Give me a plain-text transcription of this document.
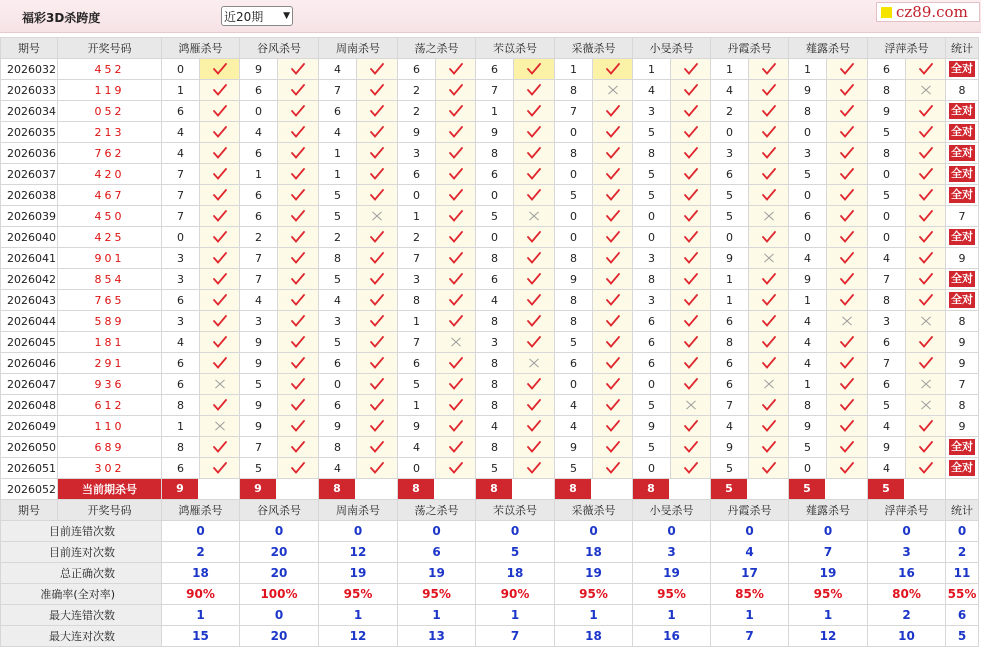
福彩3D杀跨度	近20期 ▼	cz89.com
期号	开奖号码	鸿雁杀号		谷风杀号		周南杀号		荡之杀号		芣苡杀号		采薇杀号		小旻杀号		丹霞杀号		薤露杀号		浮萍杀号		统计
2026032	452	0		9		4		6		6		1		1		1		1		6		全对
2026033	119	1		6		7		2		7		8		4		4		9		8		8
2026034	052	6		0		6		2		1		7		3		2		8		9		全对
2026035	213	4		4		4		9		9		0		5		0		0		5		全对
2026036	762	4		6		1		3		8		8		8		3		3		8		全对
2026037	420	7		1		1		6		6		0		5		6		5		0		全对
2026038	467	7		6		5		0		0		5		5		5		0		5		全对
2026039	450	7		6		5		1		5		0		0		5		6		0		7
2026040	425	0		2		2		2		0		0		0		0		0		0		全对
2026041	901	3		7		8		7		8		8		3		9		4		4		9
2026042	854	3		7		5		3		6		9		8		1		9		7		全对
2026043	765	6		4		4		8		4		8		3		1		1		8		全对
2026044	589	3		3		3		1		8		8		6		6		4		3		8
2026045	181	4		9		5		7		3		5		6		8		4		6		9
2026046	291	6		9		6		6		8		6		6		6		4		7		9
2026047	936	6		5		0		5		8		0		0		6		1		6		7
2026048	612	8		9		6		1		8		4		5		7		8		5		8
2026049	110	1		9		9		9		4		4		9		4		9		4		9
2026050	689	8		7		8		4		8		9		5		9		5		9		全对
2026051	302	6		5		4		0		5		5		0		5		0		4		全对
2026052	当前期杀号	9		9		8		8		8		8		8		5		5		5		
期号	开奖号码	鸿雁杀号		谷风杀号		周南杀号		荡之杀号		芣苡杀号		采薇杀号		小旻杀号		丹霞杀号		薤露杀号		浮萍杀号		统计
目前连错次数		0		0		0		0		0		0		0		0		0		0		0
目前连对次数		2		20		12		6		5		18		3		4		7		3		2
总正确次数		18		20		19		19		18		19		19		17		19		16		11
准确率(全对率)		90%		100%		95%		95%		90%		95%		95%		85%		95%		80%		55%
最大连错次数		1		0		1		1		1		1		1		1		1		2		6
最大连对次数		15		20		12		13		7		18		16		7		12		10		5
